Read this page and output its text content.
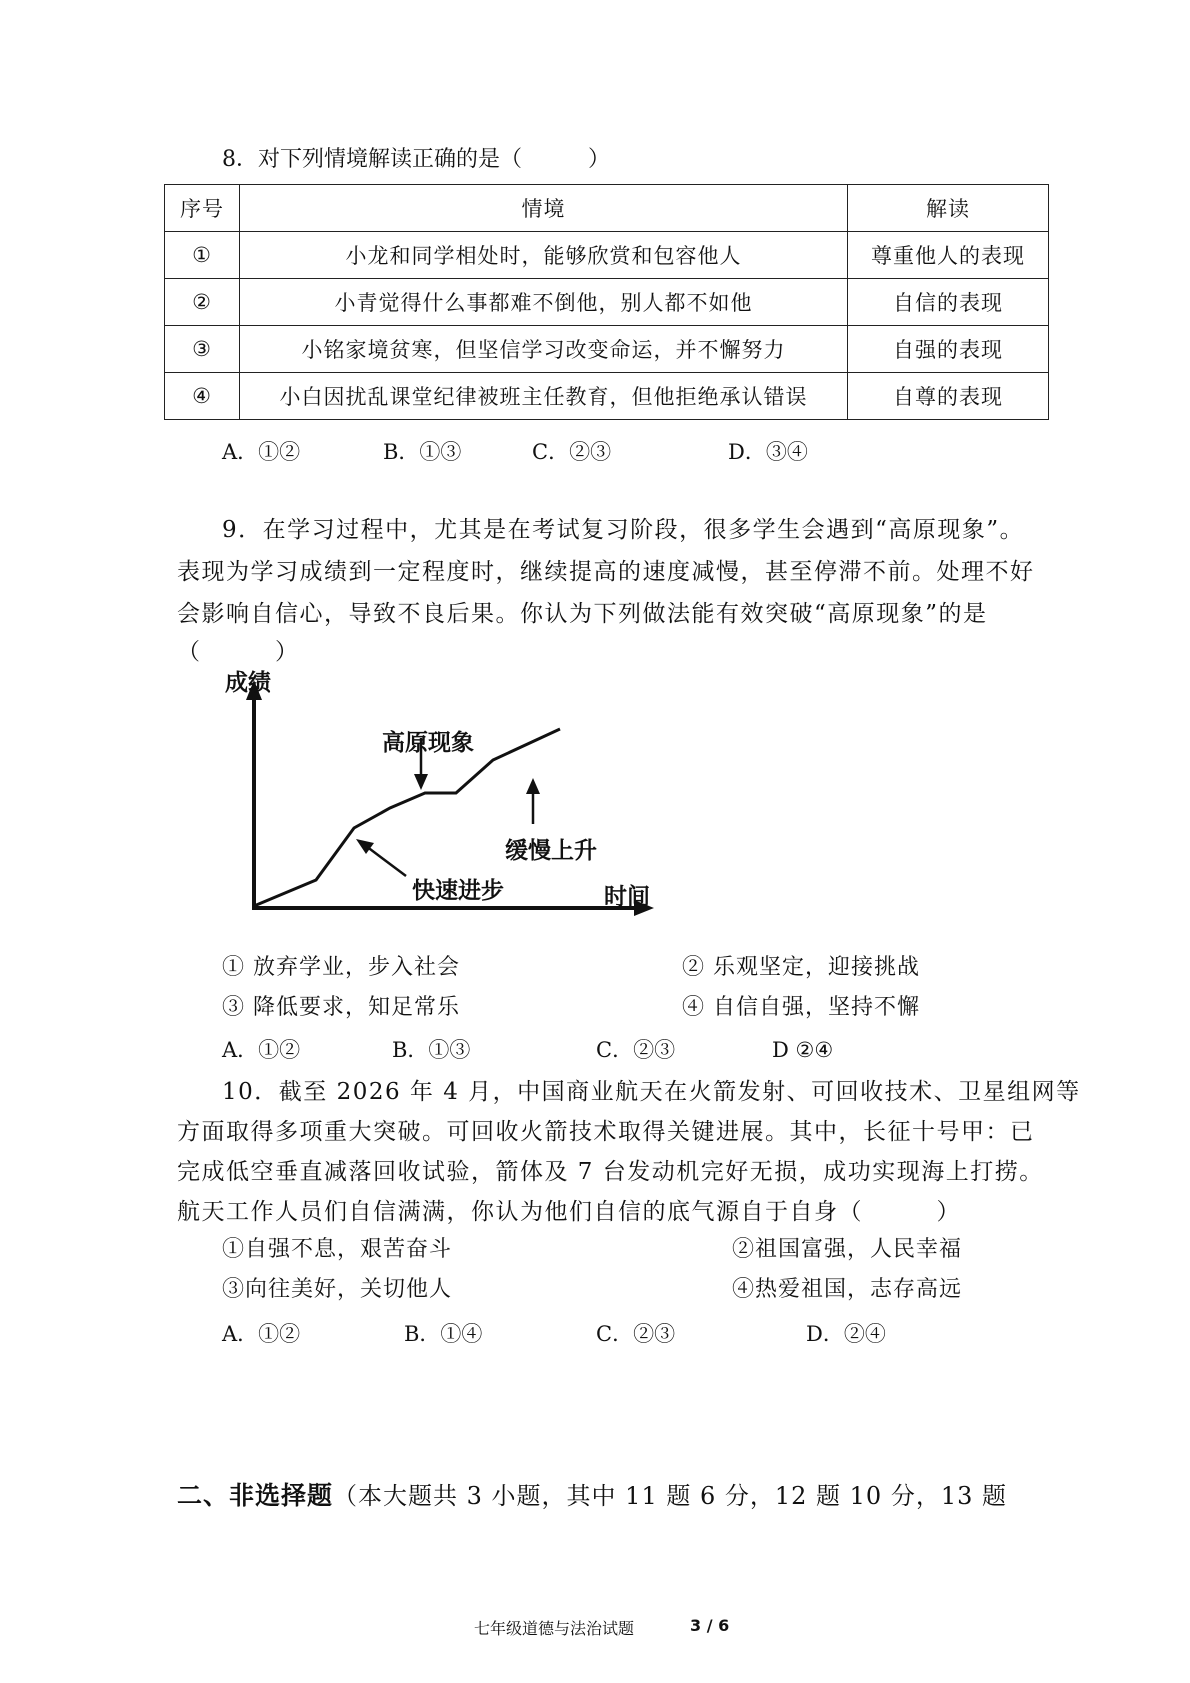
8．对下列情境解读正确的是（　　　）

序号	情境	解读
①	小龙和同学相处时，能够欣赏和包容他人	尊重他人的表现
②	小青觉得什么事都难不倒他，别人都不如他	自信的表现
③	小铭家境贫寒，但坚信学习改变命运，并不懈努力	自强的表现
④	小白因扰乱课堂纪律被班主任教育，但他拒绝承认错误	自尊的表现

A．①②	B．①③	C．②③	D．③④

9．在学习过程中，尤其是在考试复习阶段，很多学生会遇到“高原现象”。

表现为学习成绩到一定程度时，继续提高的速度减慢，甚至停滞不前。处理不好

会影响自信心，导致不良后果。你认为下列做法能有效突破“高原现象”的是

（　　　）

成绩
高原现象
缓慢上升
快速进步	时间

① 放弃学业，步入社会	② 乐观坚定，迎接挑战

③ 降低要求，知足常乐	④ 自信自强，坚持不懈

A．①②	B．①③	C．②③	D ②④

10．截至 2026 年 4 月，中国商业航天在火箭发射、可回收技术、卫星组网等

方面取得多项重大突破。可回收火箭技术取得关键进展。其中，长征十号甲：已

完成低空垂直减落回收试验，箭体及 7 台发动机完好无损，成功实现海上打捞。

航天工作人员们自信满满，你认为他们自信的底气源自于自身（　　　）

①自强不息，艰苦奋斗	②祖国富强，人民幸福

③向往美好，关切他人	④热爱祖国，志存高远

A．①②	B．①④	C．②③	D．②④

二、非选择题（本大题共 3 小题，其中 11 题 6 分，12 题 10 分，13 题

七年级道德与法治试题	3 / 6
